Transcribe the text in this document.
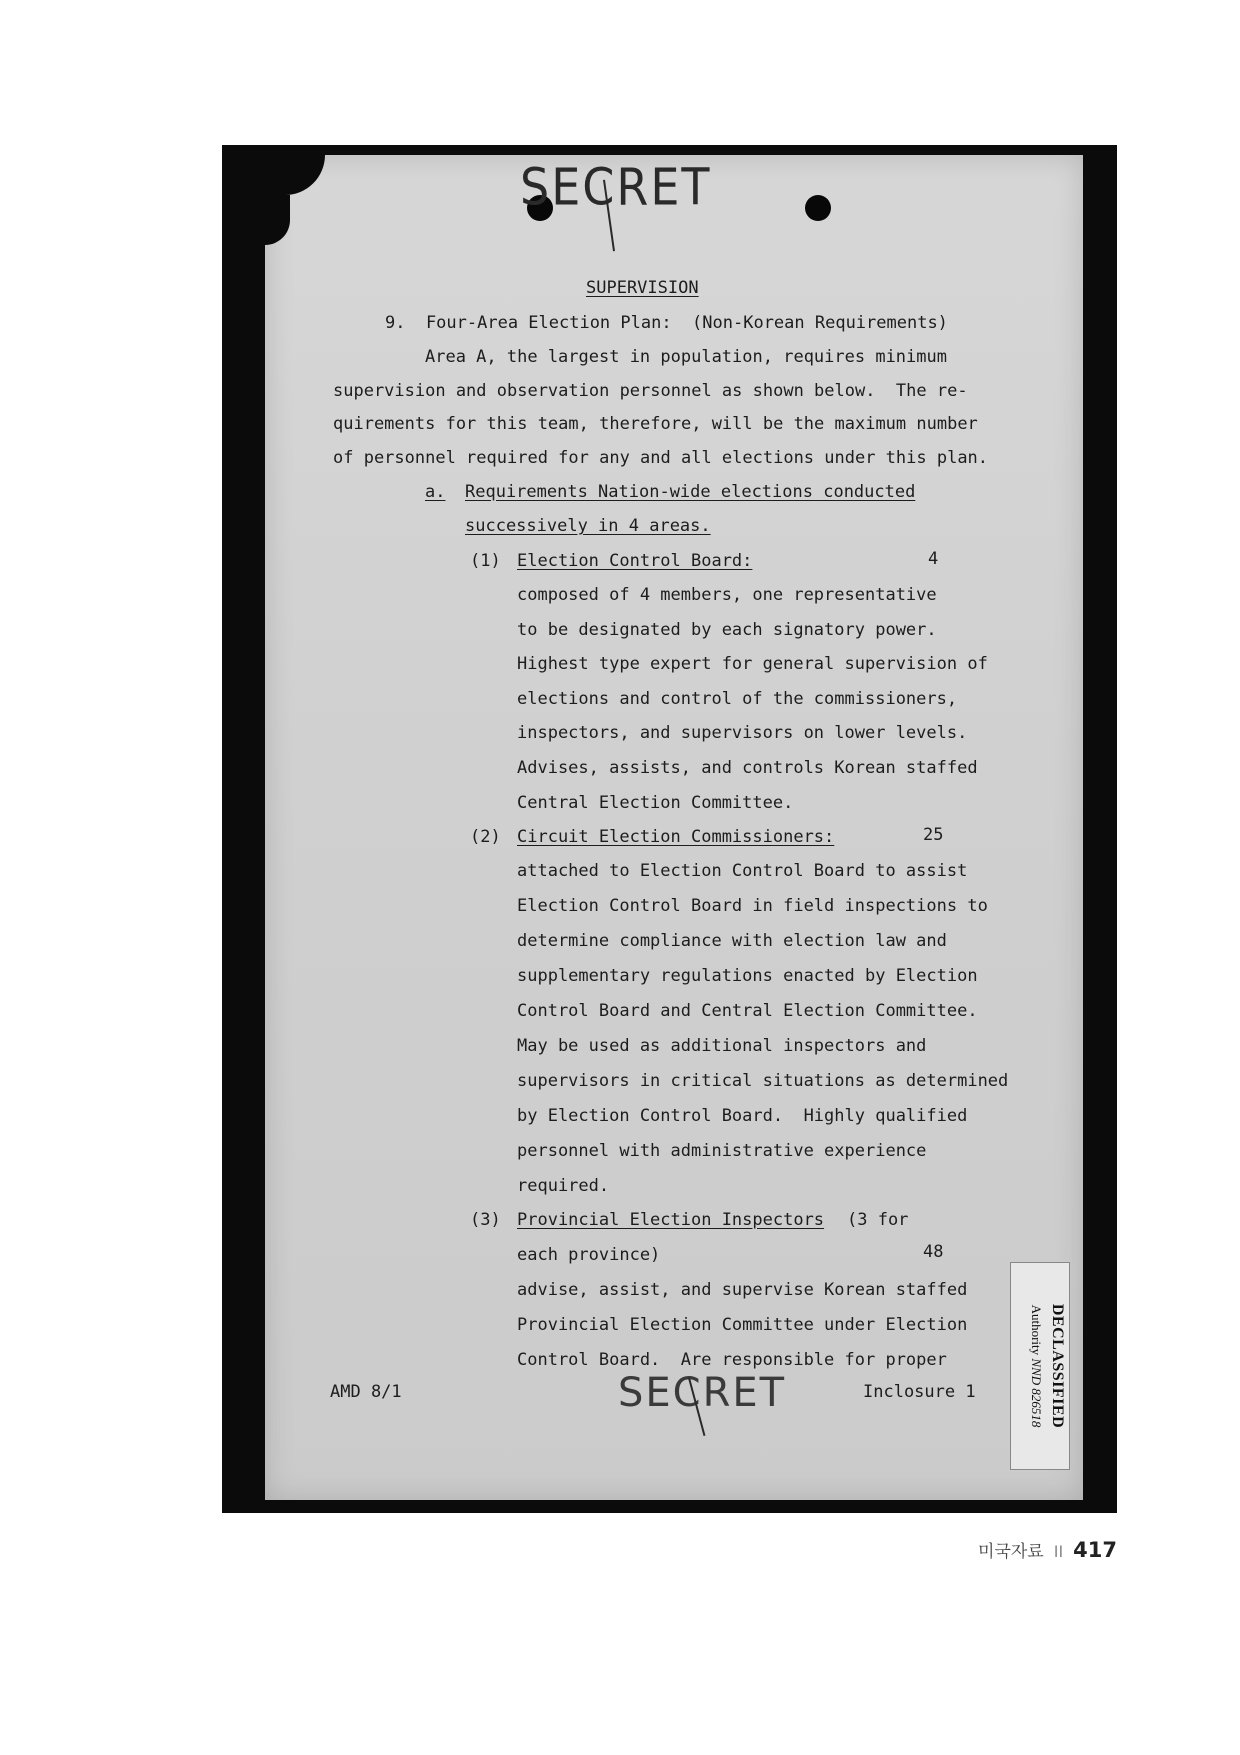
SECRET
SUPERVISION
9.  Four-Area Election Plan:  (Non-Korean Requirements)
Area A, the largest in population, requires minimum
supervision and observation personnel as shown below.  The re-
quirements for this team, therefore, will be the maximum number
of personnel required for any and all elections under this plan.
a. Requirements Nation-wide elections conducted
successively in 4 areas.
(1) Election Control Board:	4
composed of 4 members, one representative
to be designated by each signatory power.
Highest type expert for general supervision of
elections and control of the commissioners,
inspectors, and supervisors on lower levels.
Advises, assists, and controls Korean staffed
Central Election Committee.
(2) Circuit Election Commissioners:	25
attached to Election Control Board to assist
Election Control Board in field inspections to
determine compliance with election law and
supplementary regulations enacted by Election
Control Board and Central Election Committee.
May be used as additional inspectors and
supervisors in critical situations as determined
by Election Control Board.  Highly qualified
personnel with administrative experience
required.
(3) Provincial Election Inspectors (3 for
each province)	48
advise, assist, and supervise Korean staffed
Provincial Election Committee under Election
Control Board.  Are responsible for proper
AMD 8/1	SECRET	Inclosure 1	DECLASSIFIED
Authority NND 826518
미국자료 II 417
